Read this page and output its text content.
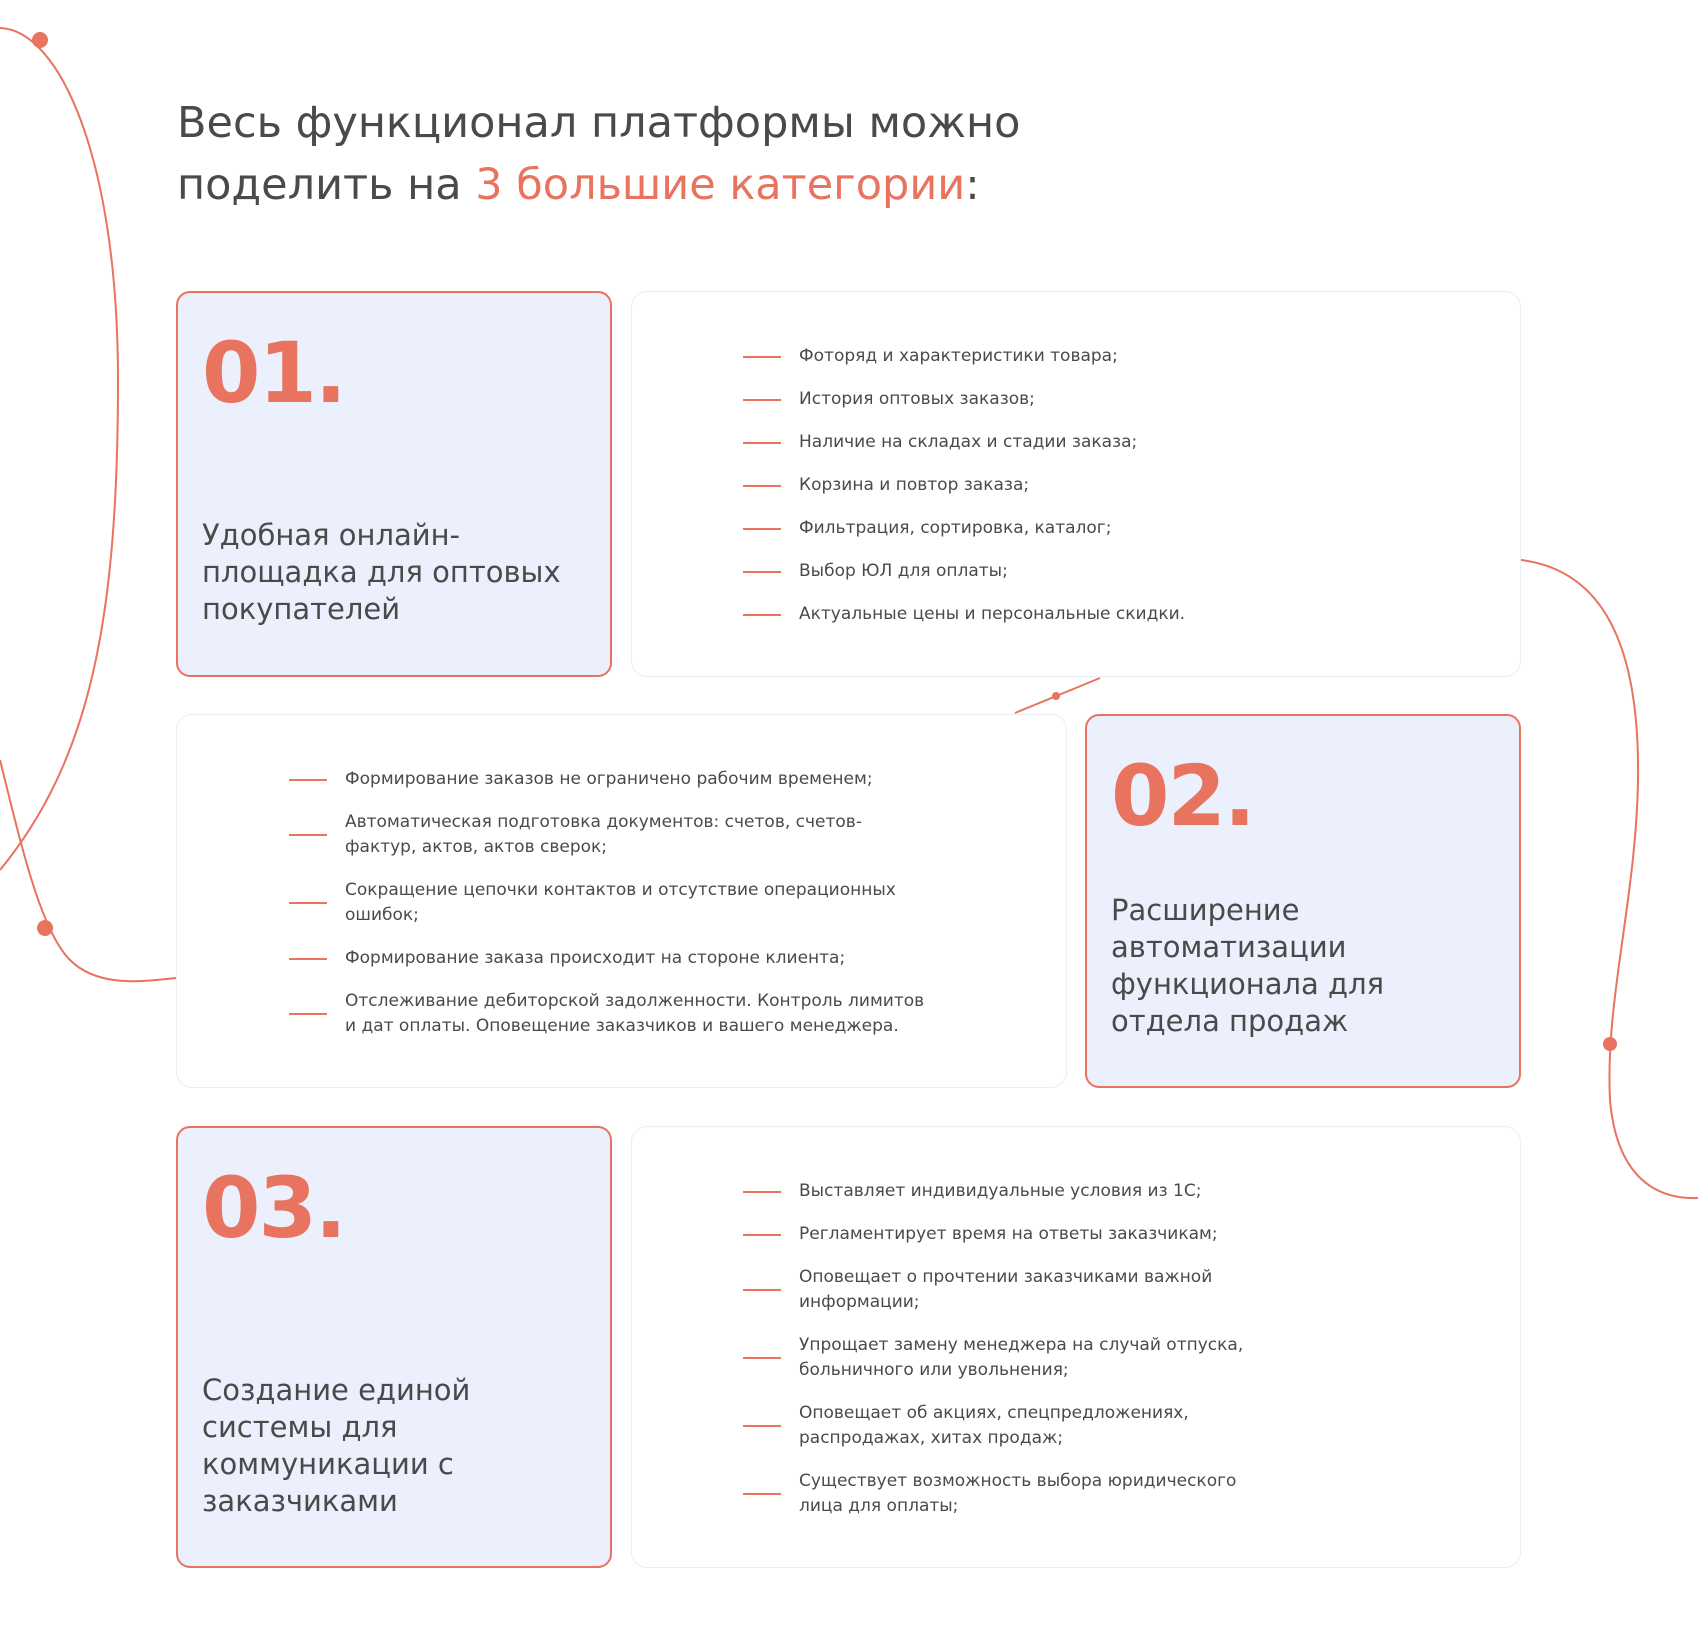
Весь функционал платформы можно
поделить на 3 большие категории:
01.
Удобная онлайн-площадка для оптовых покупателей
Фоторяд и характеристики товара;
История оптовых заказов;
Наличие на складах и стадии заказа;
Корзина и повтор заказа;
Фильтрация, сортировка, каталог;
Выбор ЮЛ для оплаты;
Актуальные цены и персональные скидки.
Формирование заказов не ограничено рабочим временем;
Автоматическая подготовка документов: счетов, счетов-фактур, актов, актов сверок;
Сокращение цепочки контактов и отсутствие операционных ошибок;
Формирование заказа происходит на стороне клиента;
Отслеживание дебиторской задолженности. Контроль лимитов и дат оплаты. Оповещение заказчиков и вашего менеджера.
02.
Расширение автоматизации функционала для отдела продаж
03.
Создание единой системы для коммуникации с заказчиками
Выставляет индивидуальные условия из 1С;
Регламентирует время на ответы заказчикам;
Оповещает о прочтении заказчиками важной информации;
Упрощает замену менеджера на случай отпуска, больничного или увольнения;
Оповещает об акциях, спецпредложениях, распродажах, хитах продаж;
Существует возможность выбора юридического лица для оплаты;
